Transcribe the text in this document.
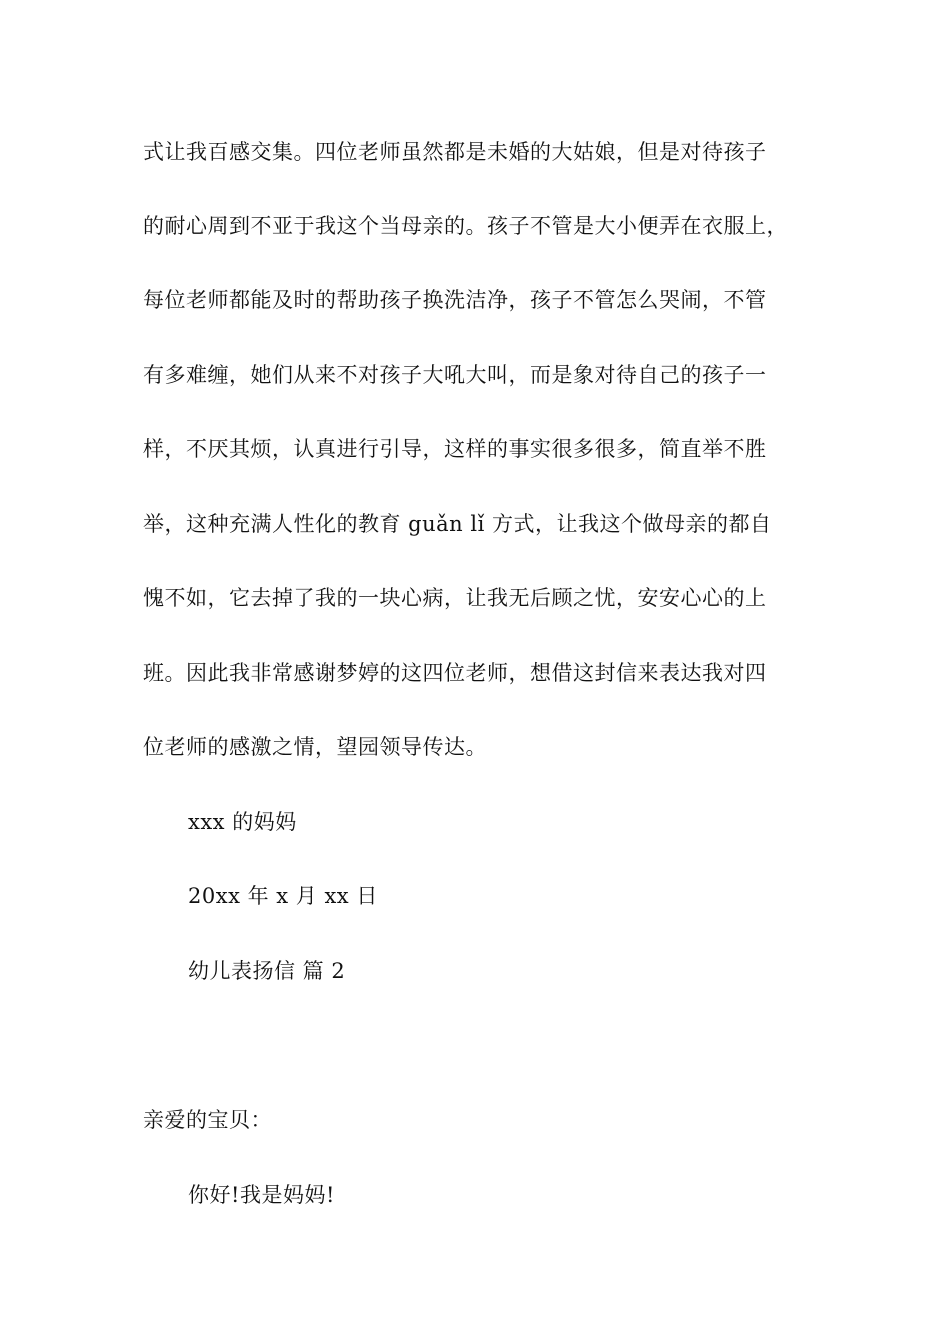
式让我百感交集。四位老师虽然都是未婚的大姑娘，但是对待孩子
的耐心周到不亚于我这个当母亲的。孩子不管是大小便弄在衣服上，
每位老师都能及时的帮助孩子换洗洁净，孩子不管怎么哭闹，不管
有多难缠，她们从来不对孩子大吼大叫，而是象对待自己的孩子一
样，不厌其烦，认真进行引导，这样的事实很多很多，简直举不胜
举，这种充满人性化的教育 guǎn lǐ 方式，让我这个做母亲的都自
愧不如，它去掉了我的一块心病，让我无后顾之忧，安安心心的上
班。因此我非常感谢梦婷的这四位老师，想借这封信来表达我对四
位老师的感激之情，望园领导传达。
xxx 的妈妈
20xx 年 x 月 xx 日
幼儿表扬信 篇 2
亲爱的宝贝：
你好!我是妈妈!
